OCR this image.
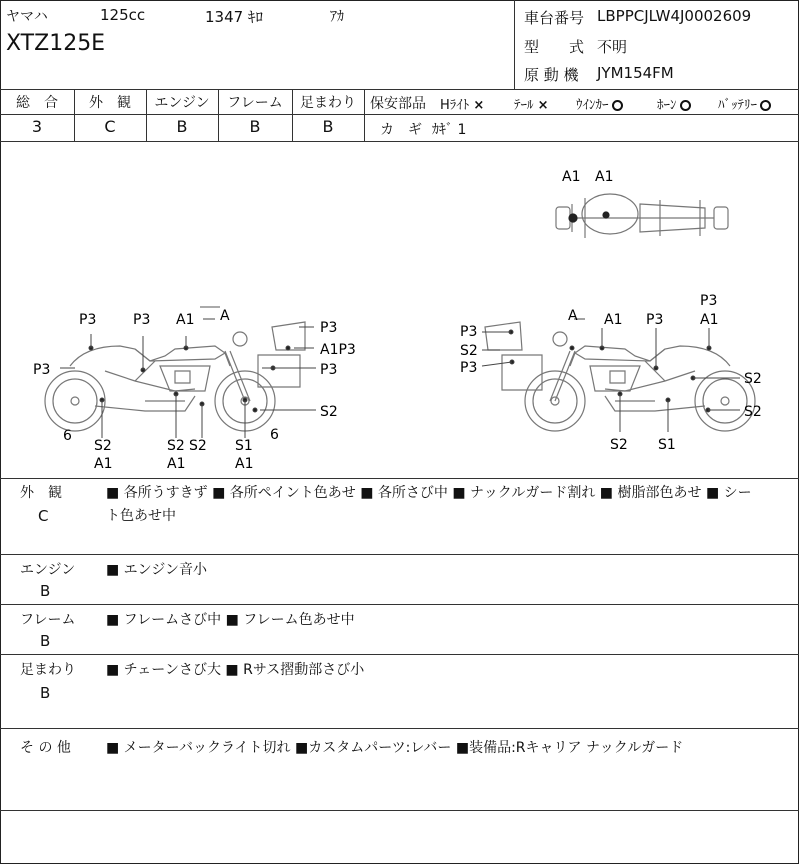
ヤマハ	125cc	1347 ｷﾛ	ｱｶ
XTZ125E
車台番号 LBPPCJLW4J0002609
型　　式 不明
原 動 機 JYM154FM
総　合	外　観	エンジン	フレーム	足まわり
3	C	B	B	B
保安部品 Hﾗｲﾄ × ﾃｰﾙ × ｳｲﾝｶｰ	ﾎｰﾝ	ﾊﾞｯﾃﾘｰ
カ　ギ ｶｷﾞ 1
A1 A1
P3	P3 A1 A
P3
A1P3
P3
P3
S2
6
S2
A1
S2 S2
A1
S1
A1
6
A A1 P3
P3
A1
P3
S2
P3
S2
S2
S2 S1
外　観
C
■ 各所うすきず ■ 各所ペイント色あせ ■ 各所さび中 ■ ナックルガード割れ ■ 樹脂部色あせ ■ シー
ト色あせ中
エンジン
B
■ エンジン音小
フレーム
B
■ フレームさび中 ■ フレーム色あせ中
足まわり
B
■ チェーンさび大 ■ Rサス摺動部さび小
そ の 他	■ メーターバックライト切れ ■カスタムパーツ:レバー ■装備品:Rキャリア ナックルガード
